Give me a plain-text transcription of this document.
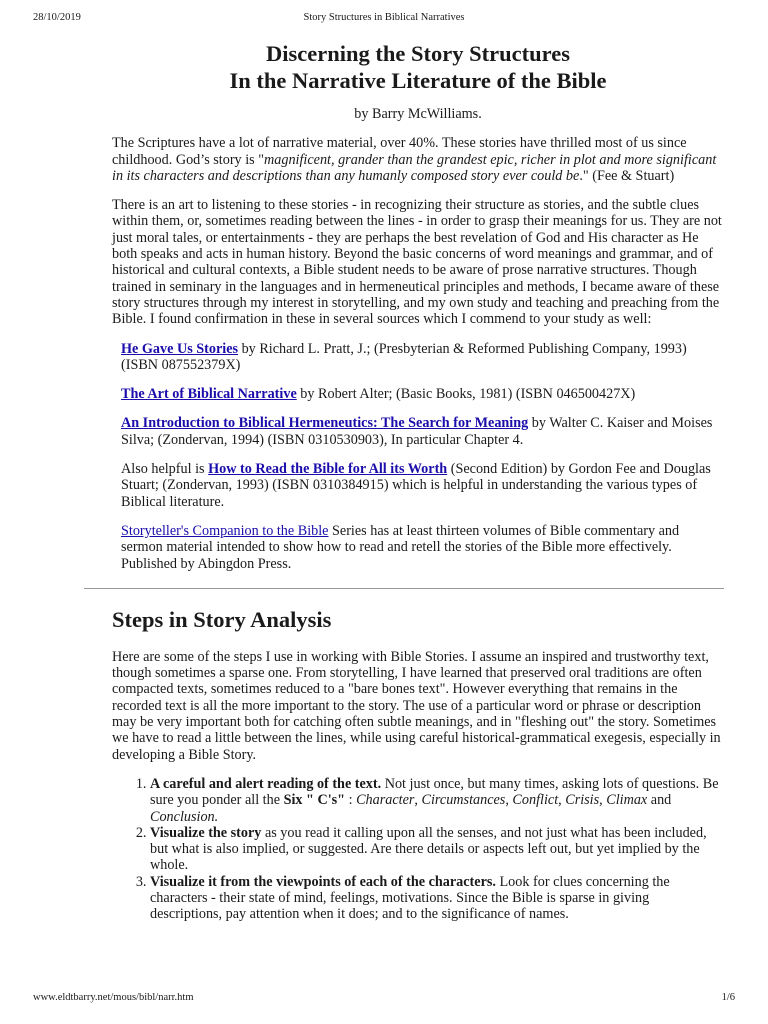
28/10/2019	Story Structures in Biblical Narratives
Discerning the Story Structures
In the Narrative Literature of the Bible
by Barry McWilliams.

The Scriptures have a lot of narrative material, over 40%. These stories have thrilled most of us since childhood. God’s story is "magnificent, grander than the grandest epic, richer in plot and more significant in its characters and descriptions than any humanly composed story ever could be." (Fee & Stuart)

There is an art to listening to these stories - in recognizing their structure as stories, and the subtle clues within them, or, sometimes reading between the lines - in order to grasp their meanings for us. They are not just moral tales, or entertainments - they are perhaps the best revelation of God and His character as He both speaks and acts in human history. Beyond the basic concerns of word meanings and grammar, and of historical and cultural contexts, a Bible student needs to be aware of prose narrative structures. Though trained in seminary in the languages and in hermeneutical principles and methods, I became aware of these story structures through my interest in storytelling, and my own study and teaching and preaching from the Bible. I found confirmation in these in several sources which I commend to your study as well:

He Gave Us Stories by Richard L. Pratt, J.; (Presbyterian & Reformed Publishing Company, 1993) (ISBN 087552379X)

The Art of Biblical Narrative by Robert Alter; (Basic Books, 1981) (ISBN 046500427X)

An Introduction to Biblical Hermeneutics: The Search for Meaning by Walter C. Kaiser and Moises Silva; (Zondervan, 1994) (ISBN 0310530903), In particular Chapter 4.

Also helpful is How to Read the Bible for All its Worth (Second Edition) by Gordon Fee and Douglas Stuart; (Zondervan, 1993) (ISBN 0310384915) which is helpful in understanding the various types of Biblical literature.

Storyteller's Companion to the Bible Series has at least thirteen volumes of Bible commentary and sermon material intended to show how to read and retell the stories of the Bible more effectively. Published by Abingdon Press.

Steps in Story Analysis

Here are some of the steps I use in working with Bible Stories. I assume an inspired and trustworthy text, though sometimes a sparse one. From storytelling, I have learned that preserved oral traditions are often compacted texts, sometimes reduced to a "bare bones text". However everything that remains in the recorded text is all the more important to the story. The use of a particular word or phrase or description may be very important both for catching often subtle meanings, and in "fleshing out" the story. Sometimes we have to read a little between the lines, while using careful historical-grammatical exegesis, especially in developing a Bible Story.

1. A careful and alert reading of the text. Not just once, but many times, asking lots of questions. Be sure you ponder all the Six " C's" : Character, Circumstances, Conflict, Crisis, Climax and Conclusion.
2. Visualize the story as you read it calling upon all the senses, and not just what has been included, but what is also implied, or suggested. Are there details or aspects left out, but yet implied by the whole.
3. Visualize it from the viewpoints of each of the characters. Look for clues concerning the characters - their state of mind, feelings, motivations. Since the Bible is sparse in giving descriptions, pay attention when it does; and to the significance of names.
www.eldtbarry.net/mous/bibl/narr.htm	1/6
